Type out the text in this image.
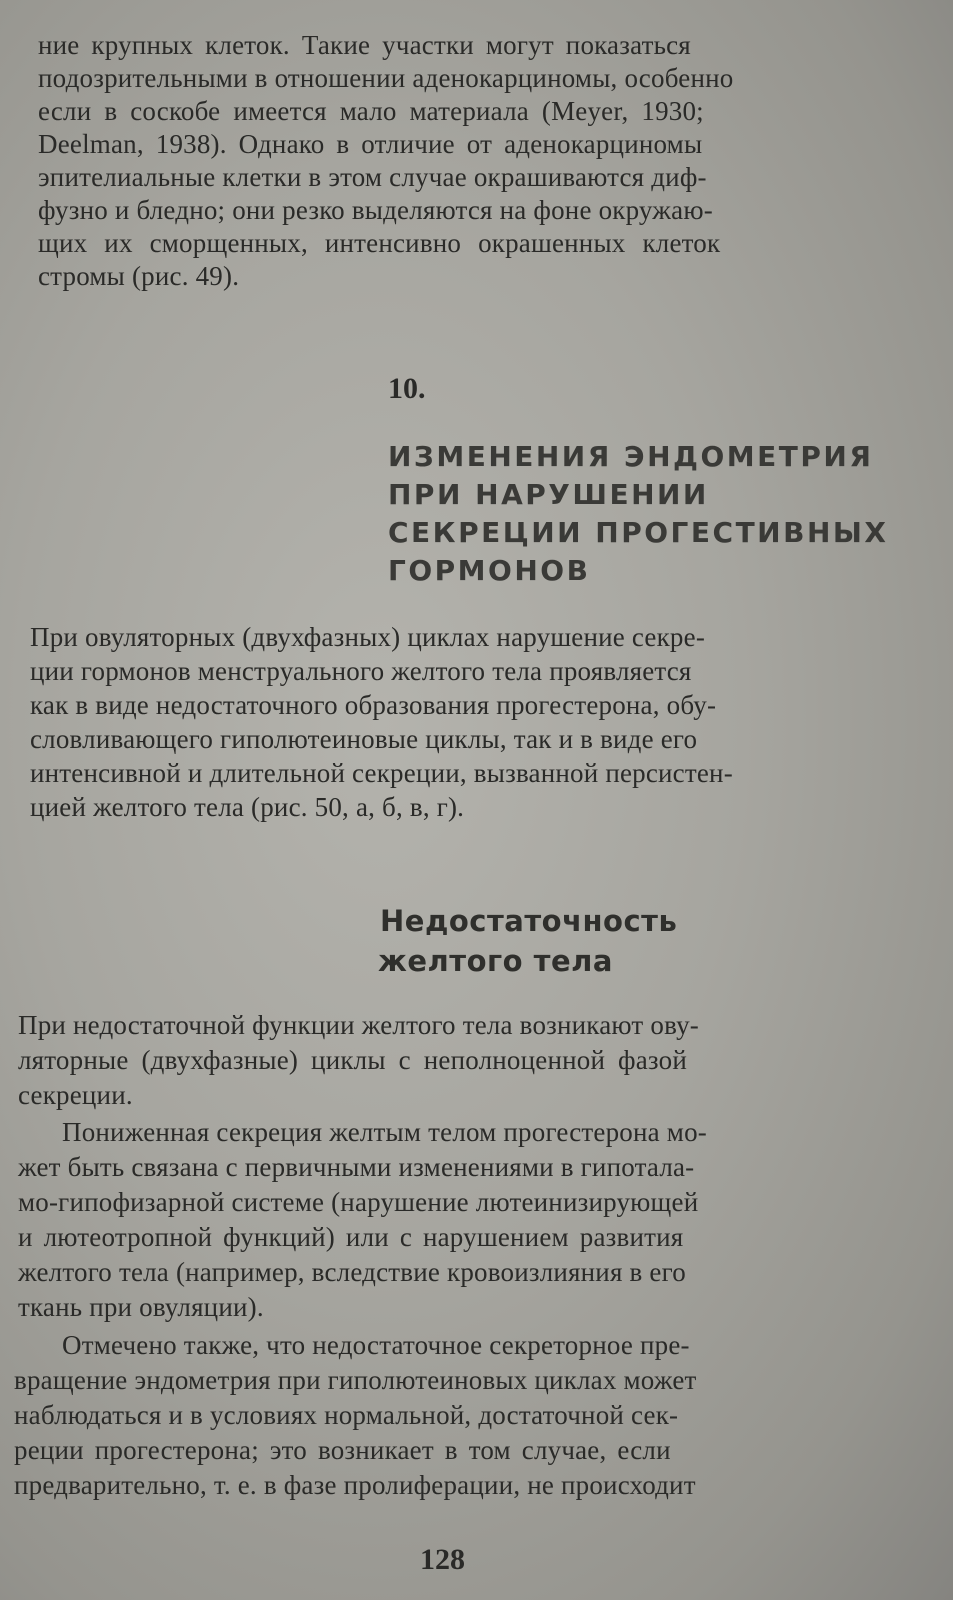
ние крупных клеток. Такие участки могут показаться
подозрительными в отношении аденокарциномы, особенно
если в соскобе имеется мало материала (Meyer, 1930;
Deelman, 1938). Однако в отличие от аденокарциномы
эпителиальные клетки в этом случае окрашиваются диф-
фузно и бледно; они резко выделяются на фоне окружаю-
щих их сморщенных, интенсивно окрашенных клеток
стромы (рис. 49).
10.
ИЗМЕНЕНИЯ ЭНДОМЕТРИЯ
ПРИ НАРУШЕНИИ
СЕКРЕЦИИ ПРОГЕСТИВНЫХ
ГОРМОНОВ
При овуляторных (двухфазных) циклах нарушение секре-
ции гормонов менструального желтого тела проявляется
как в виде недостаточного образования прогестерона, обу-
словливающего гиполютеиновые циклы, так и в виде его
интенсивной и длительной секреции, вызванной персистен-
цией желтого тела (рис. 50, а, б, в, г).
Недостаточность
желтого тела
При недостаточной функции желтого тела возникают ову-
ляторные (двухфазные) циклы с неполноценной фазой
секреции.
Пониженная секреция желтым телом прогестерона мо-
жет быть связана с первичными изменениями в гипотала-
мо-гипофизарной системе (нарушение лютеинизирующей
и лютеотропной функций) или с нарушением развития
желтого тела (например, вследствие кровоизлияния в его
ткань при овуляции).
Отмечено также, что недостаточное секреторное пре-
вращение эндометрия при гиполютеиновых циклах может
наблюдаться и в условиях нормальной, достаточной сек-
реции прогестерона; это возникает в том случае, если
предварительно, т. е. в фазе пролиферации, не происходит
128
